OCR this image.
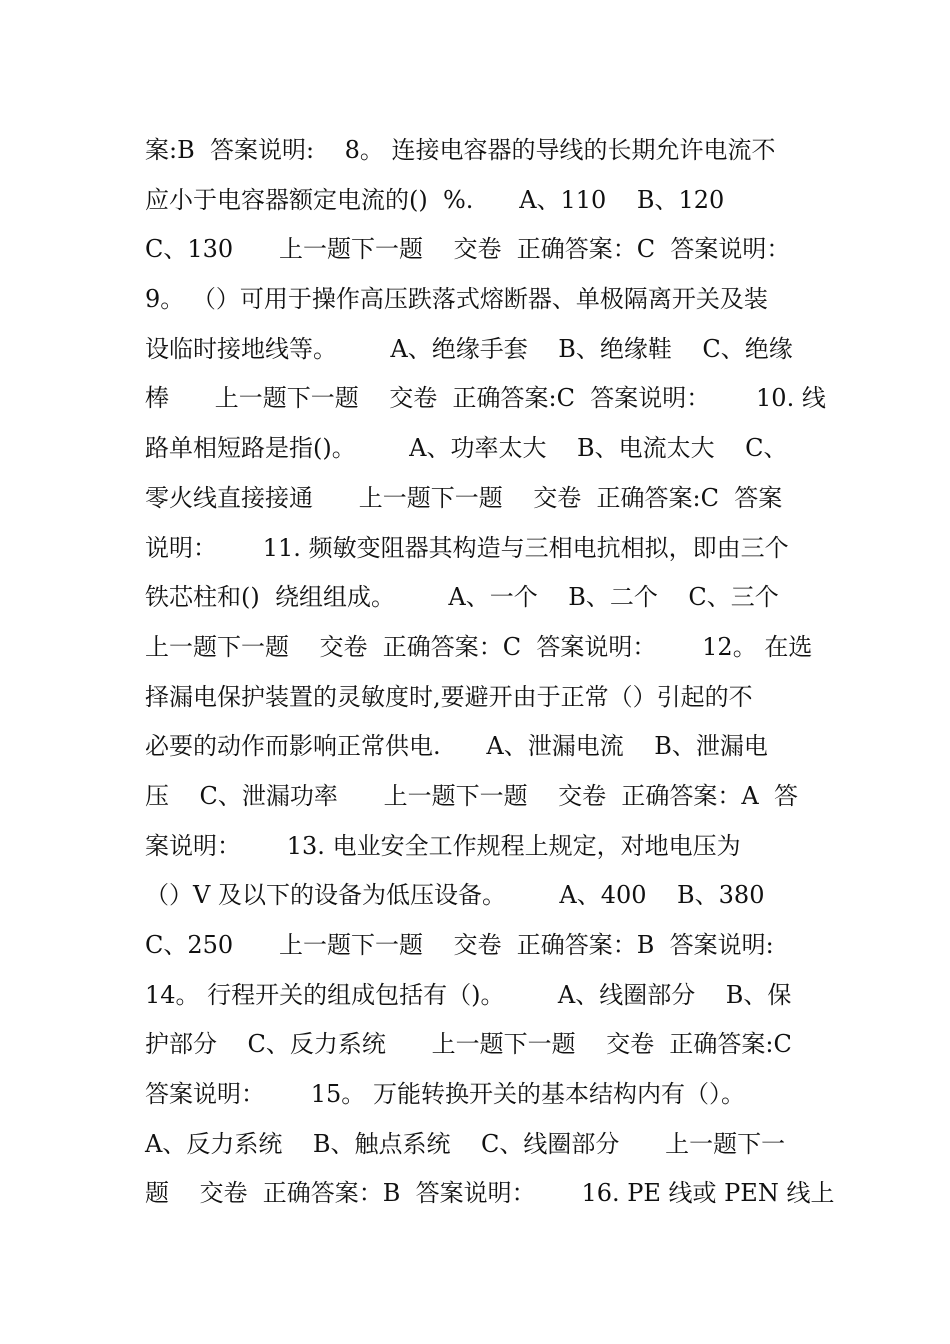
案:B  答案说明:    8。 连接电容器的导线的长期允许电流不
应小于电容器额定电流的()  %.      A、110    B、120
C、130      上一题下一题    交卷  正确答案：C  答案说明：
9。 （）可用于操作高压跌落式熔断器、单极隔离开关及装
设临时接地线等。       A、绝缘手套    B、绝缘鞋    C、绝缘
棒      上一题下一题    交卷  正确答案:C  答案说明：      10. 线
路单相短路是指()。       A、功率太大    B、电流太大    C、
零火线直接接通      上一题下一题    交卷  正确答案:C  答案
说明：      11. 频敏变阻器其构造与三相电抗相拟，即由三个
铁芯柱和()  绕组组成。       A、一个    B、二个    C、三个
上一题下一题    交卷  正确答案：C  答案说明：      12。 在选
择漏电保护装置的灵敏度时,要避开由于正常（）引起的不
必要的动作而影响正常供电.      A、泄漏电流    B、泄漏电
压    C、泄漏功率      上一题下一题    交卷  正确答案：A  答
案说明：      13. 电业安全工作规程上规定，对地电压为
（）V 及以下的设备为低压设备。       A、400    B、380
C、250      上一题下一题    交卷  正确答案：B  答案说明:
14。 行程开关的组成包括有（)。       A、线圈部分    B、保
护部分    C、反力系统      上一题下一题    交卷  正确答案:C
答案说明：      15。 万能转换开关的基本结构内有（）。
A、反力系统    B、触点系统    C、线圈部分      上一题下一
题    交卷  正确答案：B  答案说明：      16. PE 线或 PEN 线上
